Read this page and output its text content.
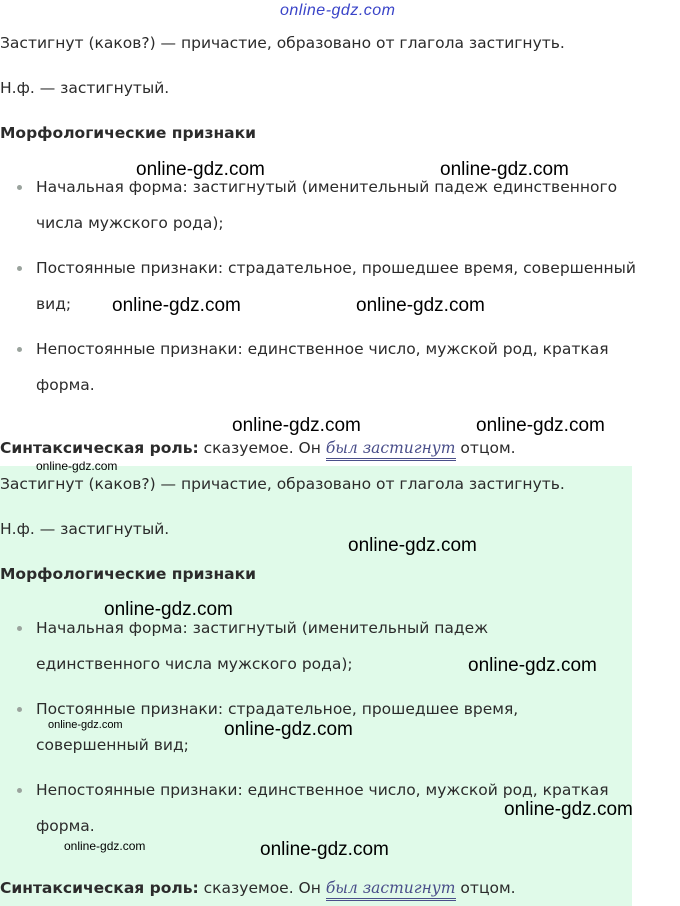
Застигнут (каков?) — причастие, образовано от глагола застигнуть.
Н.ф. — застигнутый.
Морфологические признаки
Начальная форма: застигнутый (именительный падеж единственного
числа мужского рода);
Постоянные признаки: страдательное, прошедшее время, совершенный
вид;
Непостоянные признаки: единственное число, мужской род, краткая
форма.
Синтаксическая роль: сказуемое. Он был застигнут отцом.
Застигнут (каков?) — причастие, образовано от глагола застигнуть.
Н.ф. — застигнутый.
Морфологические признаки
Начальная форма: застигнутый (именительный падеж
единственного числа мужского рода);
Постоянные признаки: страдательное, прошедшее время,
совершенный вид;
Непостоянные признаки: единственное число, мужской род, краткая
форма.
Синтаксическая роль: сказуемое. Он был застигнут отцом.
online-gdz.com
online-gdz.com	online-gdz.com
online-gdz.com	online-gdz.com
online-gdz.com	online-gdz.com
online-gdz.com
online-gdz.com
online-gdz.com
online-gdz.com
online-gdz.com	online-gdz.com
online-gdz.com
online-gdz.com	online-gdz.com
